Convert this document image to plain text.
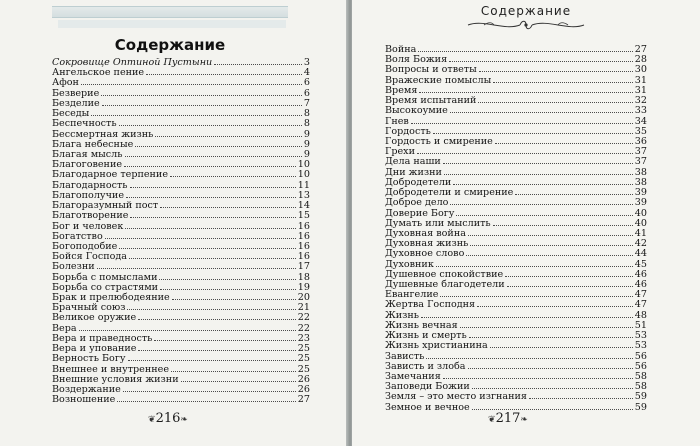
Содержание
Сокровище Оптиной Пустыни	3
Ангельское пение	4
Афон	6
Безверие	6
Безделие	7
Беседы	8
Беспечность	8
Бессмертная жизнь	9
Блага небесные	9
Благая мысль	9
Благоговение	10
Благодарное терпение	10
Благодарность	11
Благополучие	13
Благоразумный пост	14
Благотворение	15
Бог и человек	16
Богатство	16
Богоподобие	16
Бойся Господа	16
Болезни	17
Борьба с помыслами	18
Борьба со страстями	19
Брак и прелюбодеяние	20
Брачный союз	21
Великое оружие	22
Вера	22
Вера и праведность	23
Вера и упование	25
Верность Богу	25
Внешнее и внутреннее	25
Внешние условия жизни	26
Воздержание	26
Возношение	27
❦216❧
Содержание
Война	27
Воля Божия	28
Вопросы и ответы	30
Вражеские помыслы	31
Время	31
Время испытаний	32
Высокоумие	33
Гнев	34
Гордость	35
Гордость и смирение	36
Грехи	37
Дела наши	37
Дни жизни	38
Добродетели	38
Добродетели и смирение	39
Доброе дело	39
Доверие Богу	40
Думать или мыслить	40
Духовная война	41
Духовная жизнь	42
Духовное слово	44
Духовник	45
Душевное спокойствие	46
Душевные благодетели	46
Евангелие	47
Жертва Господня	47
Жизнь	48
Жизнь вечная	51
Жизнь и смерть	53
Жизнь христианина	53
Зависть	56
Зависть и злоба	56
Замечания	58
Заповеди Божии	58
Земля – это место изгнания	59
Земное и вечное	59
❦217❧
